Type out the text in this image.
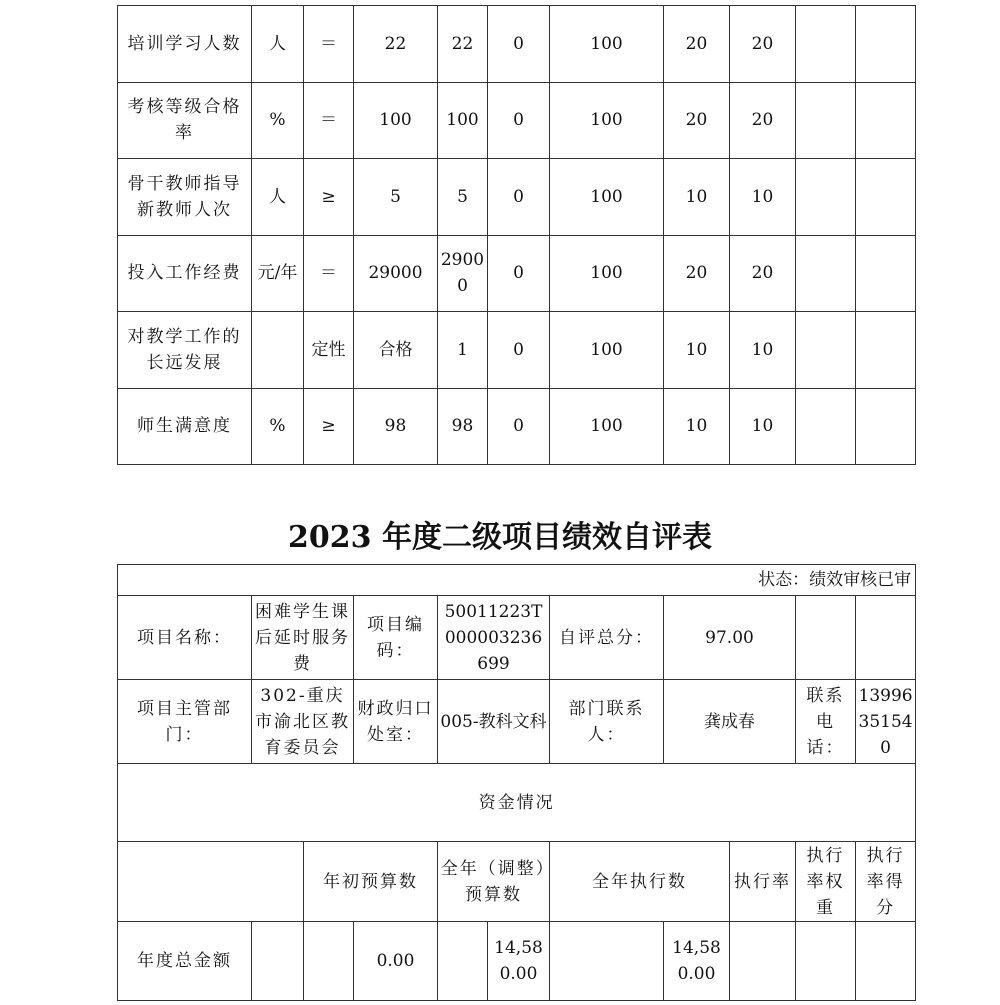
培训学习人数	人	＝	22	22	0	100	20	20		
考核等级合格率	%	＝	100	100	0	100	20	20		
骨干教师指导新教师人次	人	≥	5	5	0	100	10	10		
投入工作经费	元/年	＝	29000	29000	0	100	20	20		
对教学工作的长远发展		定性	合格	1	0	100	10	10		
师生满意度	%	≥	98	98	0	100	10	10		
2023 年度二级项目绩效自评表
状态：绩效审核已审										
项目名称：	困难学生课后延时服务费		项目编码：	50011223T000003236699		自评总分：	97.00			
项目主管部门：	302-重庆市渝北区教育委员会		财政归口处室：	005-教科文科		部门联系人：	龚成春		联系电话：	13996351540
资金情况										
		年初预算数		全年（调整）预算数		全年执行数		执行率	执行率权重	执行率得分
年度总金额			0.00		14,580.00		14,580.00			
